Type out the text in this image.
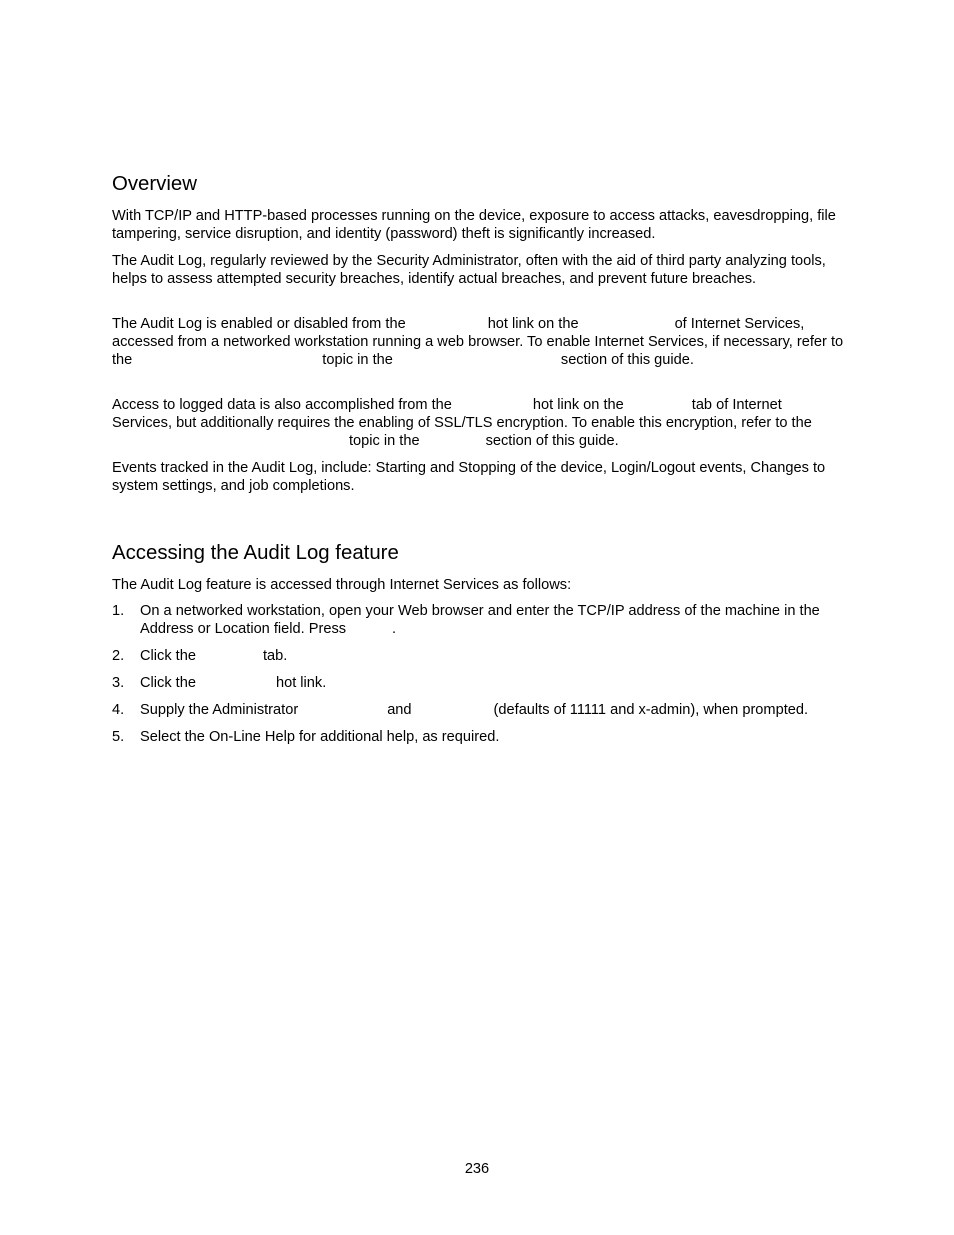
Overview

With TCP/IP and HTTP-based processes running on the device, exposure to access attacks, eavesdropping, file tampering, service disruption, and identity (password) theft is significantly increased.

The Audit Log, regularly reviewed by the Security Administrator, often with the aid of third party analyzing tools, helps to assess attempted security breaches, identify actual breaches, and prevent future breaches.

The Audit Log is enabled or disabled from the	hot link on the	of Internet Services, accessed from a networked workstation running a web browser. To enable Internet Services, if necessary, refer to the	topic in the	section of this guide.

Access to logged data is also accomplished from the	hot link on the	tab of Internet Services, but additionally requires the enabling of SSL/TLS encryption. To enable this encryption, refer to thetopic in the	section of this guide.

Events tracked in the Audit Log, include: Starting and Stopping of the device, Login/Logout events, Changes to system settings, and job completions.

Accessing the Audit Log feature

The Audit Log feature is accessed through Internet Services as follows:

1. On a networked workstation, open your Web browser and enter the TCP/IP address of the machine in the Address or Location field. Press	.
2. Click the	tab.
3. Click the	hot link.
4. Supply the Administrator	and	(defaults of 11111 and x-admin), when prompted.
5. Select the On-Line Help for additional help, as required.
236
